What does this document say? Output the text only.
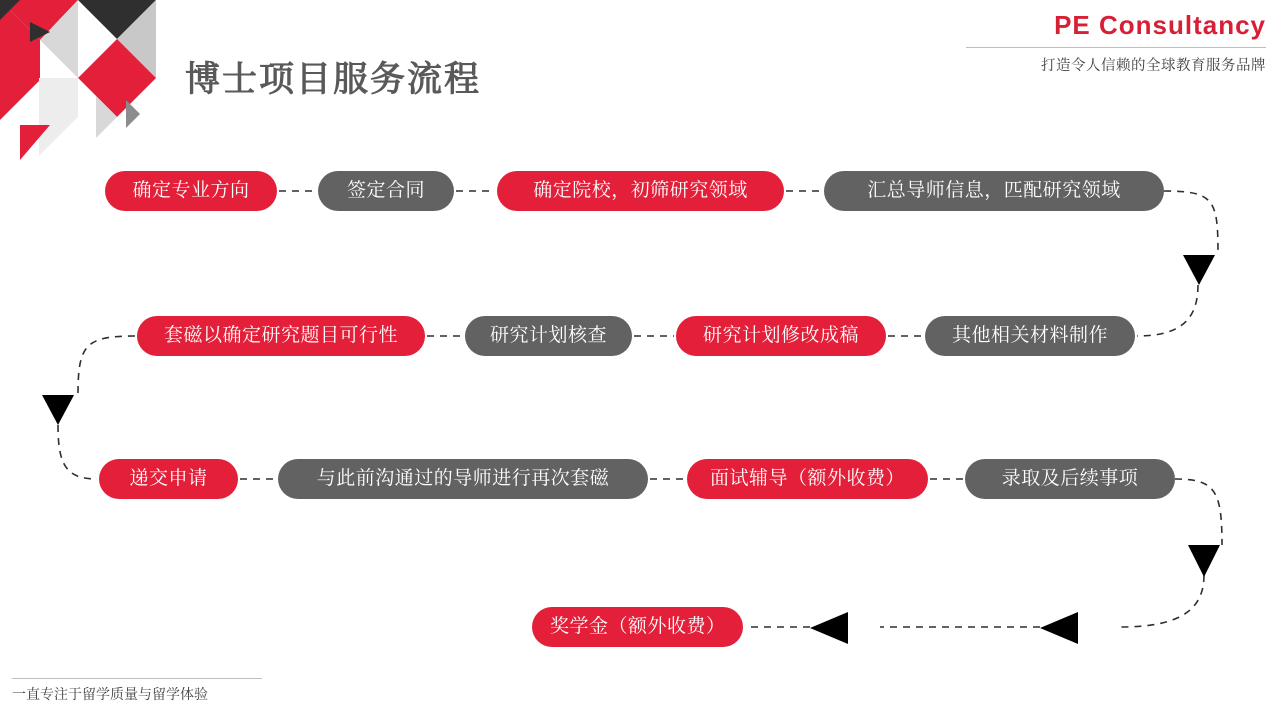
博士项目服务流程
PE Consultancy
打造令人信赖的全球教育服务品牌
确定专业方向	签定合同	确定院校，初筛研究领域	汇总导师信息，匹配研究领域
套磁以确定研究题目可行性	研究计划核查	研究计划修改成稿	其他相关材料制作
递交申请	与此前沟通过的导师进行再次套磁	面试辅导（额外收费）	录取及后续事项
奖学金（额外收费）
一直专注于留学质量与留学体验
